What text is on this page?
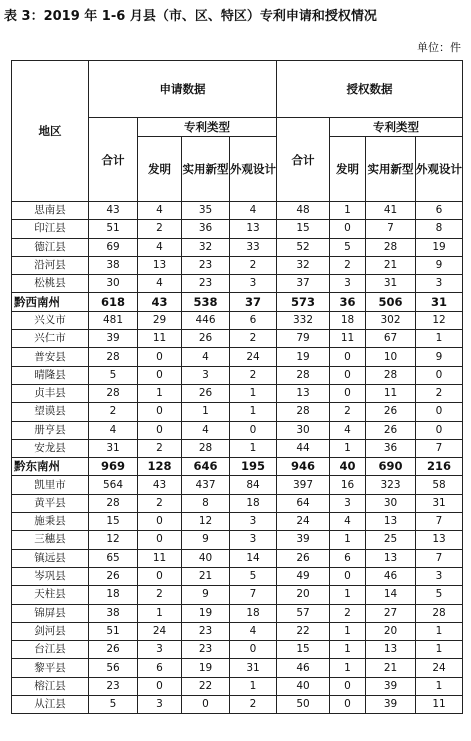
表 3：2019 年 1-6 月县（市、区、特区）专利申请和授权情况
单位：件
地区	申请数据				授权数据			
	合计	专利类型			合计	专利类型		
		发明	实用新型	外观设计		发明	实用新型	外观设计
思南县	43	4	35	4	48	1	41	6
印江县	51	2	36	13	15	0	7	8
德江县	69	4	32	33	52	5	28	19
沿河县	38	13	23	2	32	2	21	9
松桃县	30	4	23	3	37	3	31	3
黔西南州	618	43	538	37	573	36	506	31
兴义市	481	29	446	6	332	18	302	12
兴仁市	39	11	26	2	79	11	67	1
普安县	28	0	4	24	19	0	10	9
晴隆县	5	0	3	2	28	0	28	0
贞丰县	28	1	26	1	13	0	11	2
望谟县	2	0	1	1	28	2	26	0
册亨县	4	0	4	0	30	4	26	0
安龙县	31	2	28	1	44	1	36	7
黔东南州	969	128	646	195	946	40	690	216
凯里市	564	43	437	84	397	16	323	58
黄平县	28	2	8	18	64	3	30	31
施秉县	15	0	12	3	24	4	13	7
三穗县	12	0	9	3	39	1	25	13
镇远县	65	11	40	14	26	6	13	7
岑巩县	26	0	21	5	49	0	46	3
天柱县	18	2	9	7	20	1	14	5
锦屏县	38	1	19	18	57	2	27	28
剑河县	51	24	23	4	22	1	20	1
台江县	26	3	23	0	15	1	13	1
黎平县	56	6	19	31	46	1	21	24
榕江县	23	0	22	1	40	0	39	1
从江县	5	3	0	2	50	0	39	11
